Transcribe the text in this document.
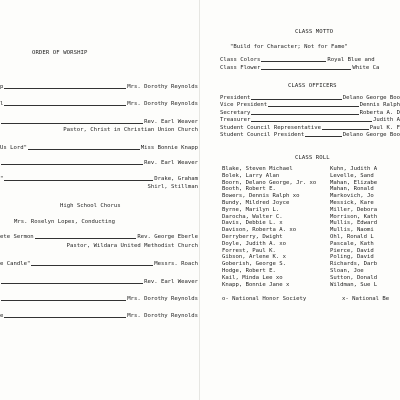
ORDER OF WORSHIP
p	Mrs. Dorothy Reynolds
l	Mrs. Dorothy Reynolds
Rev. Earl Weaver
Pastor, Christ in Christian Union Church
Us Lord"	Miss Bonnie Knapp
Rev. Earl Weaver
"	Drake, Graham
Shirl, Stillman
High School Chorus
Mrs. Roselyn Lopes, Conducting
ete Sermon	Rev. George Eberle
Pastor, Wildara United Methodist Church
e Candle"	Messrs. Roach
Rev. Earl Weaver
Mrs. Dorothy Reynolds
e	Mrs. Dorothy Reynolds
CLASS MOTTO
"Build for Character; Not for Fame"
Class Colors	Royal Blue and
Class Flower	White Ca
CLASS OFFICERS
President	Delano George Boo
Vice President	Dennis Ralph
Secretary	Roberta A. D
Treasurer	Judith A
Student Council Representative	Paul K. F
Student Council President	Delano George Boo
CLASS ROLL
Blake, Steven Michael
Bolek, Larry Alan
Boorn, Delano George, Jr. xo
Booth, Robert E.
Bowers, Dennis Ralph xo
Bundy, Mildred Joyce
Byrne, Marilyn L.
Darocha, Walter C.
Davis, Debbie L. x
Davison, Roberta A. xo
Derryberry, Dwight
Doyle, Judith A. xo
Forrest, Paul K.
Gibson, Arlene K. x
Goberish, George S.
Hodge, Robert E.
Kail, Minda Lee xo
Knapp, Bonnie Jane x
Kuhn, Judith A
Levelle, Sand
Mahan, Elizabe
Mahan, Ronald
Markovich, Jo
Messick, Kare
Miller, Debora
Morrison, Kath
Mullis, Edward
Mullis, Naomi
Ohl, Ronald L
Pascale, Kath
Pierce, David
Poling, David
Richards, Darb
Sloan, Joe
Sutton, Donald
Wildman, Sue L
o- National Honor Society	x- National Be
